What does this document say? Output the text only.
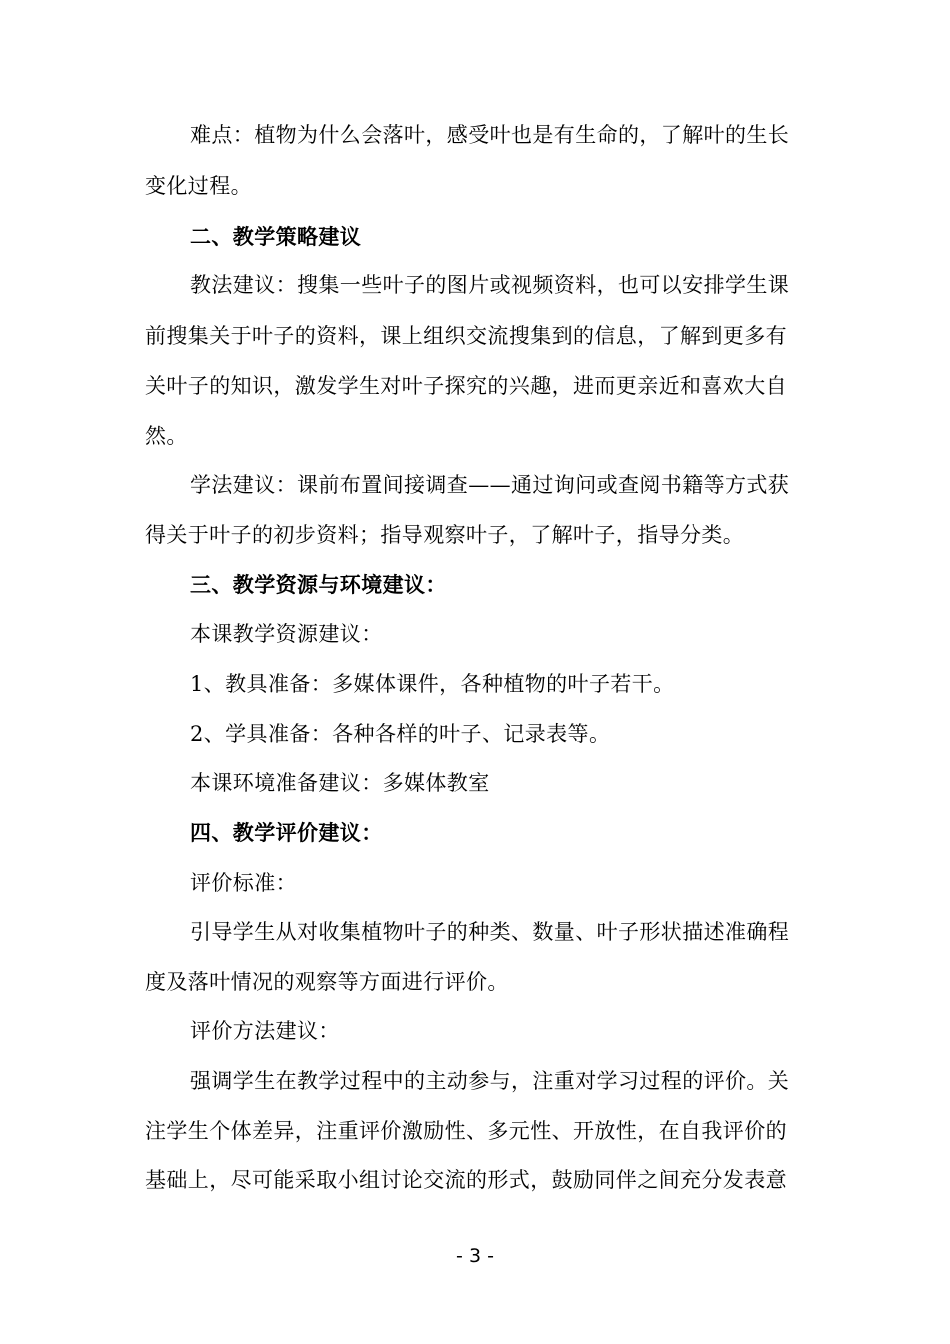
难点：植物为什么会落叶，感受叶也是有生命的，了解叶的生长
变化过程。
二、教学策略建议
教法建议：搜集一些叶子的图片或视频资料，也可以安排学生课
前搜集关于叶子的资料，课上组织交流搜集到的信息，了解到更多有
关叶子的知识，激发学生对叶子探究的兴趣，进而更亲近和喜欢大自
然。
学法建议：课前布置间接调查——通过询问或查阅书籍等方式获
得关于叶子的初步资料；指导观察叶子，了解叶子，指导分类。
三、教学资源与环境建议：
本课教学资源建议：
1、教具准备：多媒体课件，各种植物的叶子若干。
2、学具准备：各种各样的叶子、记录表等。
本课环境准备建议：多媒体教室
四、教学评价建议：
评价标准：
引导学生从对收集植物叶子的种类、数量、叶子形状描述准确程
度及落叶情况的观察等方面进行评价。
评价方法建议：
强调学生在教学过程中的主动参与，注重对学习过程的评价。关
注学生个体差异，注重评价激励性、多元性、开放性，在自我评价的
基础上，尽可能采取小组讨论交流的形式，鼓励同伴之间充分发表意
- 3 -
